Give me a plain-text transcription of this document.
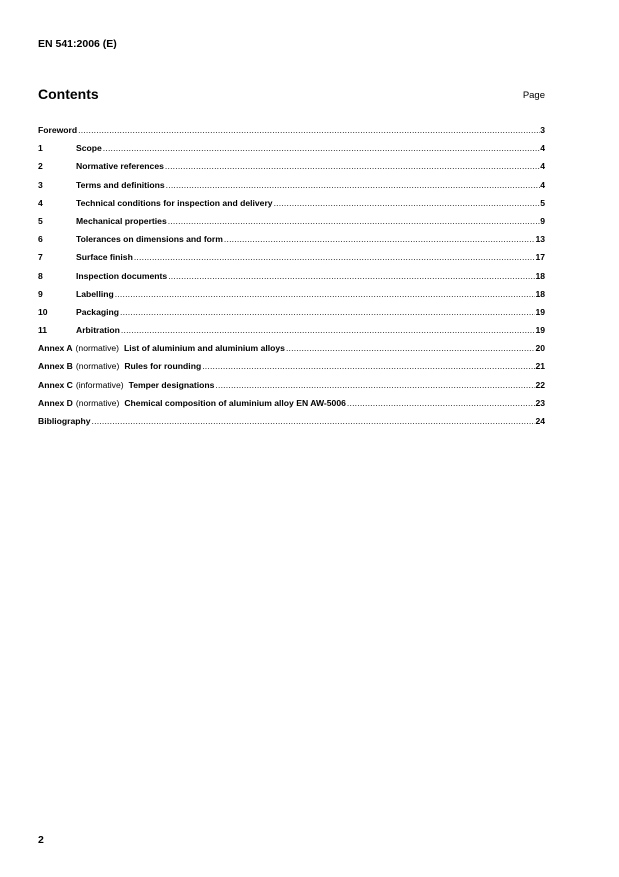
EN 541:2006 (E)
Contents	Page
Foreword .....	3
1	Scope .....	4
2	Normative references .....	4
3	Terms and definitions .....	4
4	Technical conditions for inspection and delivery .....	5
5	Mechanical properties .....	9
6	Tolerances on dimensions and form .....	13
7	Surface finish .....	17
8	Inspection documents .....	18
9	Labelling .....	18
10	Packaging .....	19
11	Arbitration .....	19
Annex A (normative) List of aluminium and aluminium alloys .....	20
Annex B (normative) Rules for rounding .....	21
Annex C (informative) Temper designations .....	22
Annex D (normative) Chemical composition of aluminium alloy EN AW-5006 .....	23
Bibliography .....	24
2
